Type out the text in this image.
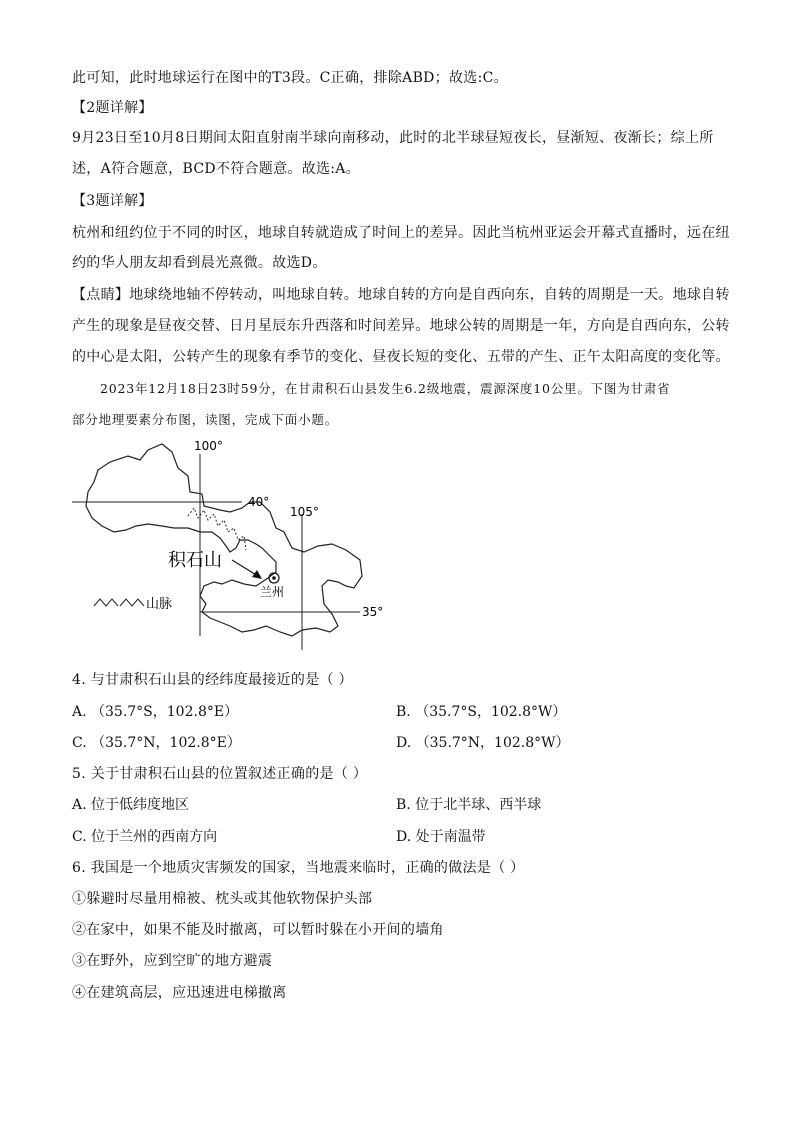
此可知，此时地球运行在图中的T3段。C正确，排除ABD；故选:C。
【2题详解】
9月23日至10月8日期间太阳直射南半球向南移动，此时的北半球昼短夜长，昼渐短、夜渐长；综上所
述，A符合题意，BCD不符合题意。故选:A。
【3题详解】
杭州和纽约位于不同的时区，地球自转就造成了时间上的差异。因此当杭州亚运会开幕式直播时，远在纽
约的华人朋友却看到晨光熹微。故选D。
【点睛】地球绕地轴不停转动，叫地球自转。地球自转的方向是自西向东，自转的周期是一天。地球自转
产生的现象是昼夜交替、日月星辰东升西落和时间差异。地球公转的周期是一年，方向是自西向东，公转
的中心是太阳，公转产生的现象有季节的变化、昼夜长短的变化、五带的产生、正午太阳高度的变化等。
2023年12月18日23时59分，在甘肃积石山县发生6.2级地震，震源深度10公里。下图为甘肃省
部分地理要素分布图，读图，完成下面小题。
100°
105°
40°
35°
积石山
兰州
山脉
4. 与甘肃积石山县的经纬度最接近的是（ ）
A. （35.7°S，102.8°E）	B. （35.7°S，102.8°W）
C. （35.7°N，102.8°E）	D. （35.7°N，102.8°W）
5. 关于甘肃积石山县的位置叙述正确的是（ ）
A. 位于低纬度地区	B. 位于北半球、西半球
C. 位于兰州的西南方向	D. 处于南温带
6. 我国是一个地质灾害频发的国家，当地震来临时，正确的做法是（ ）
①躲避时尽量用棉被、枕头或其他软物保护头部
②在家中，如果不能及时撤离，可以暂时躲在小开间的墙角
③在野外，应到空旷的地方避震
④在建筑高层，应迅速进电梯撤离
